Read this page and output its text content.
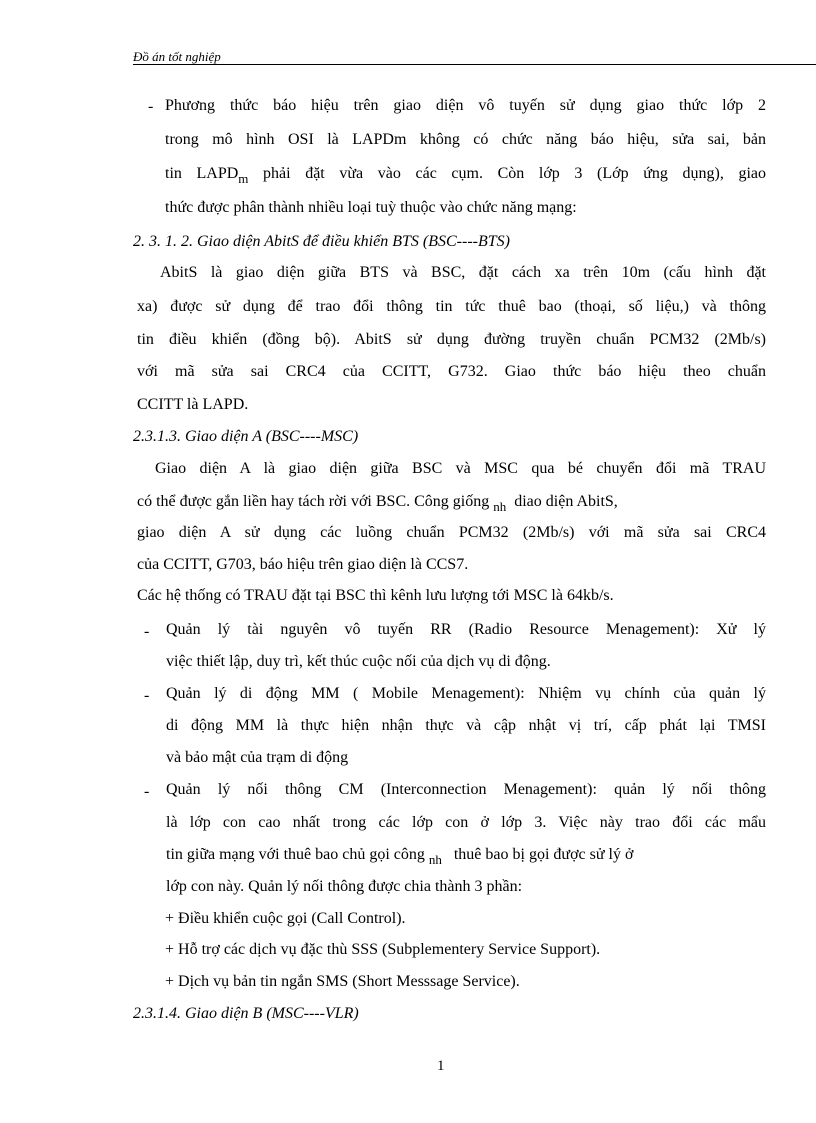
Đồ án tốt nghiệp
- Phương thức báo hiệu trên giao diện vô tuyến sử dụng giao thức lớp 2
trong mô hình OSI là LAPDm không có chức năng báo hiệu, sửa sai, bản
tin $LAPD_m$ phải đặt vừa vào các cụm. Còn lớp 3 (Lớp ứng dụng), giao
thức được phân thành nhiều loại tuỳ thuộc vào chức năng mạng:
2. 3. 1. 2. Giao diện AbitS để điều khiển BTS (BSC----BTS)
AbitS là giao diện giữa BTS và BSC, đặt cách xa trên 10m (cấu hình đặt
xa) được sử dụng để trao đổi thông tin tức thuê bao (thoại, số liệu,) và thông
tin điều khiển (đồng bộ). AbitS sử dụng đường truyền chuẩn PCM32 (2Mb/s)
với mã sửa sai CRC4 của CCITT, G732. Giao thức báo hiệu theo chuẩn
CCITT là LAPD.
2.3.1.3. Giao diện A (BSC----MSC)
Giao diện A là giao diện giữa BSC và MSC qua bé chuyển đổi mã TRAU
có thể được gắn liền hay tách rời với BSC. Công giống $_{nh}$ diao diện AbitS,
giao diện A sử dụng các luồng chuẩn PCM32 (2Mb/s) với mã sửa sai CRC4
của CCITT, G703, báo hiệu trên giao diện là CCS7.
Các hệ thống có TRAU đặt tại BSC thì kênh lưu lượng tới MSC là 64kb/s.
- Quản lý tài nguyên vô tuyến RR (Radio Resource Menagement): Xử lý
việc thiết lập, duy trì, kết thúc cuộc nối của dịch vụ di động.
- Quản lý di động MM ( Mobile Menagement): Nhiệm vụ chính của quản lý
di động MM là thực hiện nhận thực và cập nhật vị trí, cấp phát lại TMSI
và bảo mật của trạm di động
- Quản lý nối thông CM (Interconnection Menagement): quản lý nối thông
là lớp con cao nhất trong các lớp con ở lớp 3. Việc này trao đổi các mẩu
tin giữa mạng với thuê bao chủ gọi công $_{nh}$ thuê bao bị gọi được sử lý ở
lớp con này. Quản lý nối thông được chia thành 3 phần:
+ Điều khiển cuộc gọi (Call Control).
+ Hỗ trợ các dịch vụ đặc thù SSS (Subplementery Service Support).
+ Dịch vụ bản tin ngắn SMS (Short Messsage Service).
2.3.1.4. Giao diện B (MSC----VLR)
1
